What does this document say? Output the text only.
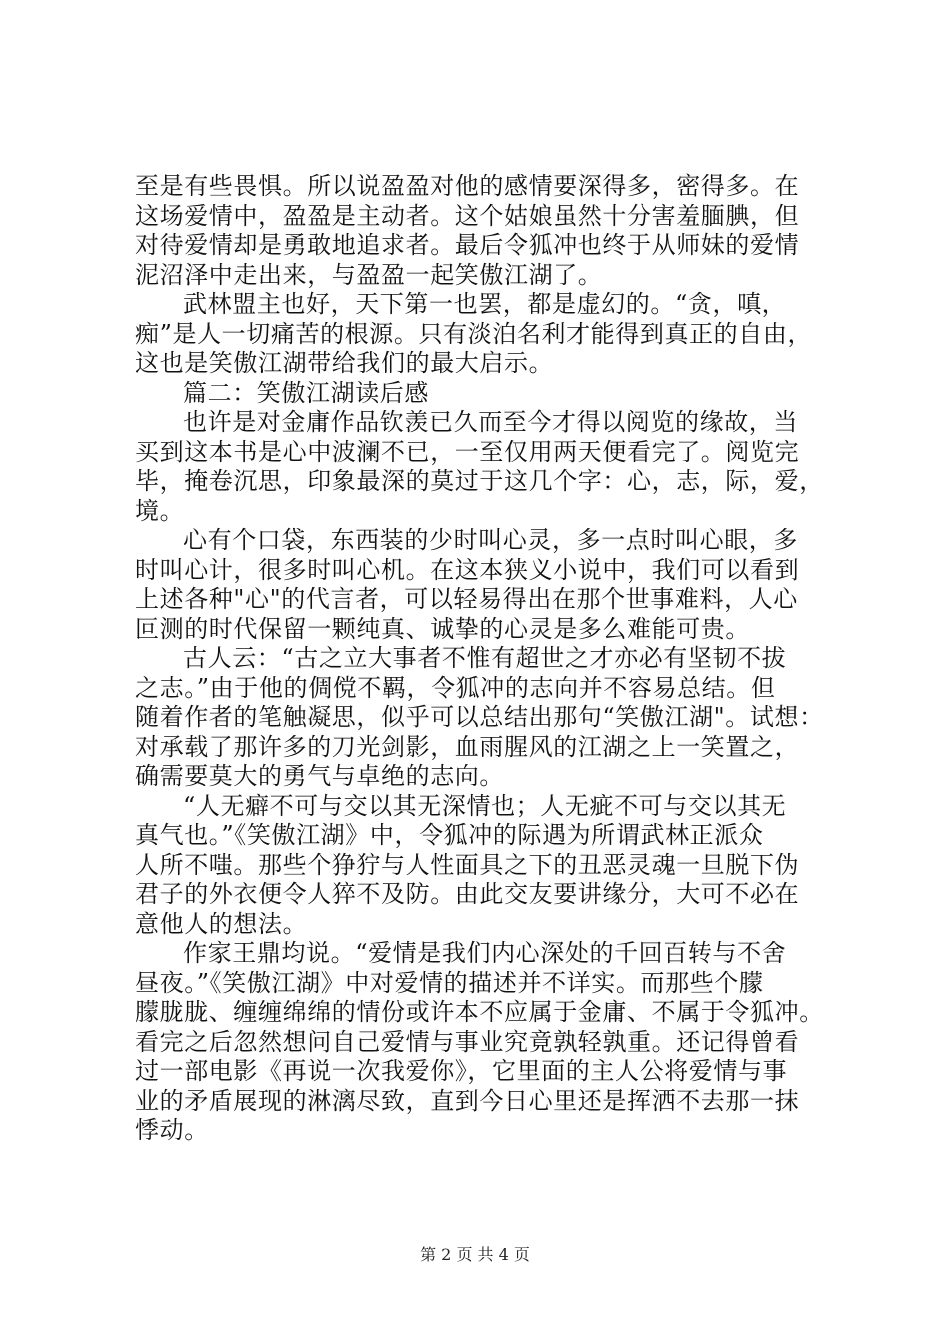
至是有些畏惧。所以说盈盈对他的感情要深得多，密得多。在
这场爱情中，盈盈是主动者。这个姑娘虽然十分害羞腼腆，但
对待爱情却是勇敢地追求者。最后令狐冲也终于从师妹的爱情
泥沼泽中走出来，与盈盈一起笑傲江湖了。
武林盟主也好，天下第一也罢，都是虚幻的。“贪，嗔，
痴”是人一切痛苦的根源。只有淡泊名利才能得到真正的自由，
这也是笑傲江湖带给我们的最大启示。
篇二：笑傲江湖读后感
也许是对金庸作品钦羡已久而至今才得以阅览的缘故，当
买到这本书是心中波澜不已，一至仅用两天便看完了。阅览完
毕，掩卷沉思，印象最深的莫过于这几个字：心，志，际，爱，
境。
心有个口袋，东西装的少时叫心灵，多一点时叫心眼，多
时叫心计，很多时叫心机。在这本狭义小说中，我们可以看到
上述各种"心"的代言者，可以轻易得出在那个世事难料，人心
叵测的时代保留一颗纯真、诚挚的心灵是多么难能可贵。
古人云：“古之立大事者不惟有超世之才亦必有坚韧不拔
之志。”由于他的倜傥不羁，令狐冲的志向并不容易总结。但
随着作者的笔触凝思，似乎可以总结出那句“笑傲江湖"。试想：
对承载了那许多的刀光剑影，血雨腥风的江湖之上一笑置之，
确需要莫大的勇气与卓绝的志向。
“人无癖不可与交以其无深情也；人无疵不可与交以其无
真气也。”《笑傲江湖》中，令狐冲的际遇为所谓武林正派众
人所不嗤。那些个狰狞与人性面具之下的丑恶灵魂一旦脱下伪
君子的外衣便令人猝不及防。由此交友要讲缘分，大可不必在
意他人的想法。
作家王鼎均说。“爱情是我们内心深处的千回百转与不舍
昼夜。”《笑傲江湖》中对爱情的描述并不详实。而那些个朦
朦胧胧、缠缠绵绵的情份或许本不应属于金庸、不属于令狐冲。
看完之后忽然想问自己爱情与事业究竟孰轻孰重。还记得曾看
过一部电影《再说一次我爱你》，它里面的主人公将爱情与事
业的矛盾展现的淋漓尽致，直到今日心里还是挥洒不去那一抹
悸动。
第 2 页 共 4 页
